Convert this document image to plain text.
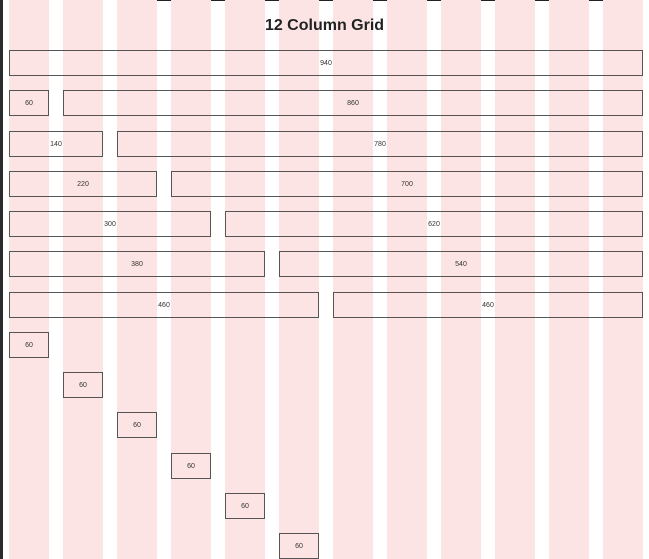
12 Column Grid
940
60	860
140	780
220	700
300	620
380	540
460	460
60
60
60
60
60
60
